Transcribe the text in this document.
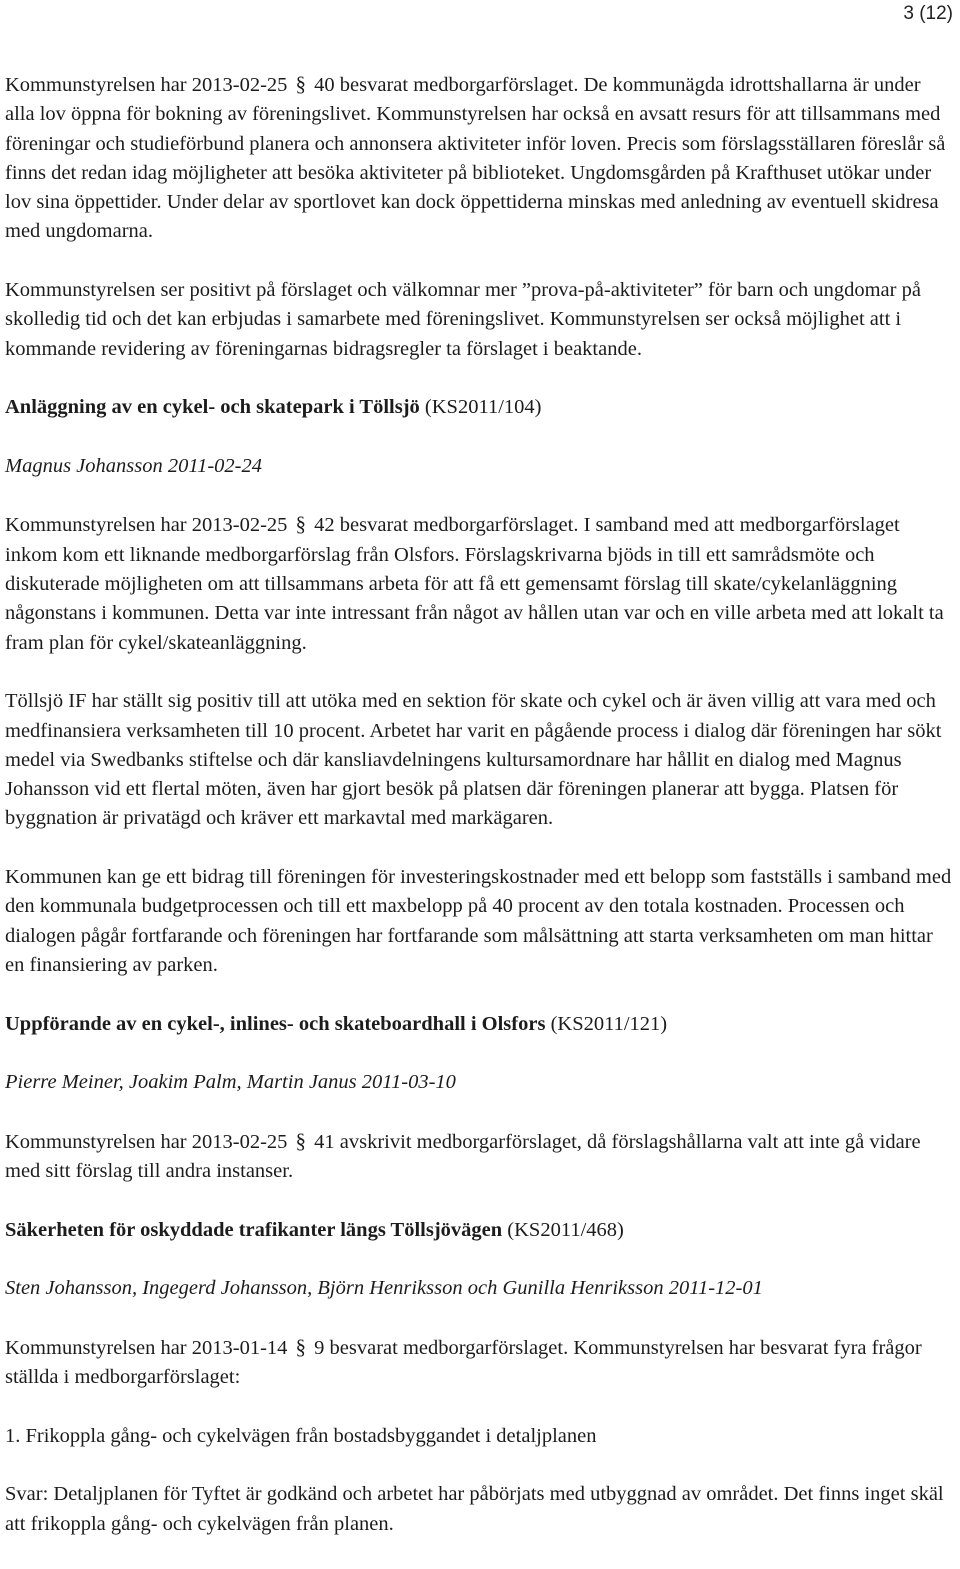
3 (12)

Kommunstyrelsen har 2013-02-25 § 40 besvarat medborgarförslaget. De kommunägda idrottshallarna är under alla lov öppna för bokning av föreningslivet. Kommunstyrelsen har också en avsatt resurs för att tillsammans med föreningar och studieförbund planera och annonsera aktiviteter inför loven. Precis som förslagsställaren föreslår så finns det redan idag möjligheter att besöka aktiviteter på biblioteket. Ungdomsgården på Krafthuset utökar under lov sina öppettider. Under delar av sportlovet kan dock öppettiderna minskas med anledning av eventuell skidresa med ungdomarna.

Kommunstyrelsen ser positivt på förslaget och välkomnar mer ”prova-på-aktiviteter” för barn och ungdomar på skolledig tid och det kan erbjudas i samarbete med föreningslivet. Kommunstyrelsen ser också möjlighet att i kommande revidering av föreningarnas bidragsregler ta förslaget i beaktande.

Anläggning av en cykel- och skatepark i Töllsjö (KS2011/104)

Magnus Johansson 2011-02-24

Kommunstyrelsen har 2013-02-25 § 42 besvarat medborgarförslaget. I samband med att medborgarförslaget inkom kom ett liknande medborgarförslag från Olsfors. Förslagskrivarna bjöds in till ett samrådsmöte och diskuterade möjligheten om att tillsammans arbeta för att få ett gemensamt förslag till skate/cykelanläggning någonstans i kommunen. Detta var inte intressant från något av hållen utan var och en ville arbeta med att lokalt ta fram plan för cykel/skateanläggning.

Töllsjö IF har ställt sig positiv till att utöka med en sektion för skate och cykel och är även villig att vara med och medfinansiera verksamheten till 10 procent. Arbetet har varit en pågående process i dialog där föreningen har sökt medel via Swedbanks stiftelse och där kansliavdelningens kultursamordnare har hållit en dialog med Magnus Johansson vid ett flertal möten, även har gjort besök på platsen där föreningen planerar att bygga. Platsen för byggnation är privatägd och kräver ett markavtal med markägaren.

Kommunen kan ge ett bidrag till föreningen för investeringskostnader med ett belopp som fastställs i samband med den kommunala budgetprocessen och till ett maxbelopp på 40 procent av den totala kostnaden. Processen och dialogen pågår fortfarande och föreningen har fortfarande som målsättning att starta verksamheten om man hittar en finansiering av parken.

Uppförande av en cykel-, inlines- och skateboardhall i Olsfors (KS2011/121)

Pierre Meiner, Joakim Palm, Martin Janus 2011-03-10

Kommunstyrelsen har 2013-02-25 § 41 avskrivit medborgarförslaget, då förslagshållarna valt att inte gå vidare med sitt förslag till andra instanser.

Säkerheten för oskyddade trafikanter längs Töllsjövägen (KS2011/468)

Sten Johansson, Ingegerd Johansson, Björn Henriksson och Gunilla Henriksson 2011-12-01

Kommunstyrelsen har 2013-01-14 § 9 besvarat medborgarförslaget. Kommunstyrelsen har besvarat fyra frågor ställda i medborgarförslaget:

1. Frikoppla gång- och cykelvägen från bostadsbyggandet i detaljplanen

Svar: Detaljplanen för Tyftet är godkänd och arbetet har påbörjats med utbyggnad av området. Det finns inget skäl att frikoppla gång- och cykelvägen från planen.
